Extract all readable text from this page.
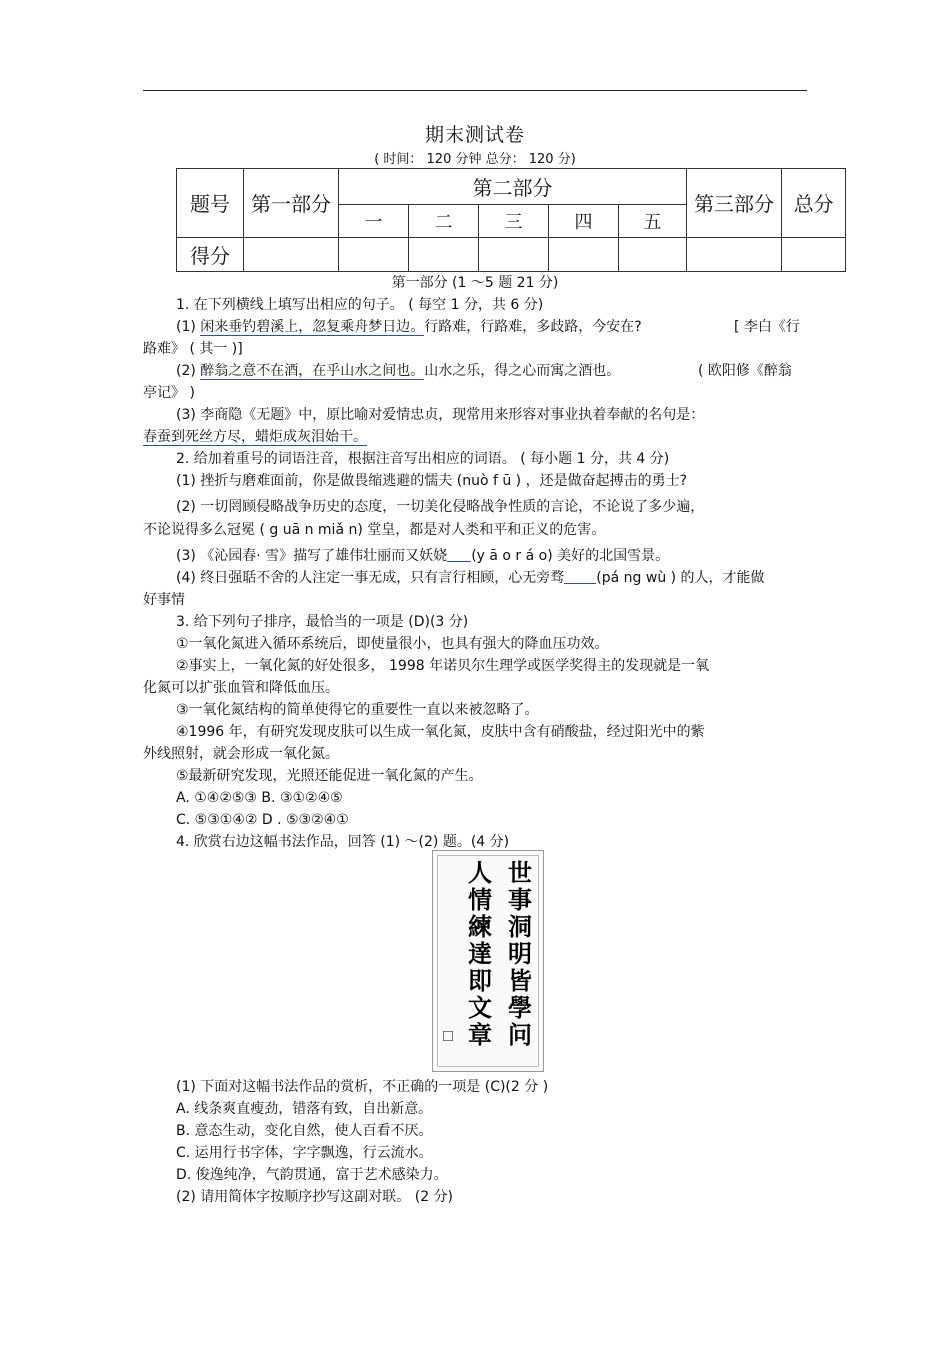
期末测试卷
( 时间： 120 分钟 总分： 120 分)
题号	第一部分	第二部分					第三部分	总分
		一	二	三	四	五		
得分								
第一部分 (1 ～5 题 21 分)
1. 在下列横线上填写出相应的句子。 ( 每空 1 分，共 6 分)
(1) 闲来垂钓碧溪上，忽复乘舟梦日边。行路难，行路难，多歧路，今安在?	[ 李白《行
路难》 ( 其一 )]
(2) 醉翁之意不在酒，在乎山水之间也。山水之乐，得之心而寓之酒也。	( 欧阳修《醉翁
亭记》 )
(3) 李商隐《无题》中，原比喻对爱情忠贞，现常用来形容对事业执着奉献的名句是：
春蚕到死丝方尽，蜡炬成灰泪始干。
2. 给加着重号的词语注音，根据注音写出相应的词语。 ( 每小题 1 分，共 4 分)
(1) 挫折与磨难面前，你是做畏缩逃避的懦夫 (nuò f ū ) ，还是做奋起搏击的勇士?
(2) 一切罔顾侵略战争历史的态度，一切美化侵略战争性质的言论，不论说了多少遍，
不论说得多么冠冕 ( g uā n miǎ n) 堂皇，都是对人类和平和正义的危害。
(3) 《沁园春· 雪》描写了雄伟壮丽而又妖娆 (y ā o r á o) 美好的北国雪景。
(4) 终日强聒不舍的人注定一事无成，只有言行相顾，心无旁骛 (pá ng wù ) 的人，才能做
好事情
3. 给下列句子排序，最恰当的一项是 (D)(3 分)
①一氧化氮进入循环系统后，即使量很小，也具有强大的降血压功效。
②事实上，一氧化氮的好处很多， 1998 年诺贝尔生理学或医学奖得主的发现就是一氧
化氮可以扩张血管和降低血压。
③一氧化氮结构的简单使得它的重要性一直以来被忽略了。
④1996 年，有研究发现皮肤可以生成一氧化氮，皮肤中含有硝酸盐，经过阳光中的紫
外线照射，就会形成一氧化氮。
⑤最新研究发现，光照还能促进一氧化氮的产生。
A. ①④②⑤③ B. ③①②④⑤
C. ⑤③①④② D . ⑤③②④①
4. 欣赏右边这幅书法作品，回答 (1) ～(2) 题。(4 分)
世
事
洞
明
皆
學
问
人
情
練
達
即
文
章
(1) 下面对这幅书法作品的赏析，不正确的一项是 (C)(2 分 )
A. 线条爽直瘦劲，错落有致，自出新意。
B. 意态生动，变化自然，使人百看不厌。
C. 运用行书字体，字字飘逸，行云流水。
D. 俊逸纯净，气韵贯通，富于艺术感染力。
(2) 请用简体字按顺序抄写这副对联。 (2 分)
